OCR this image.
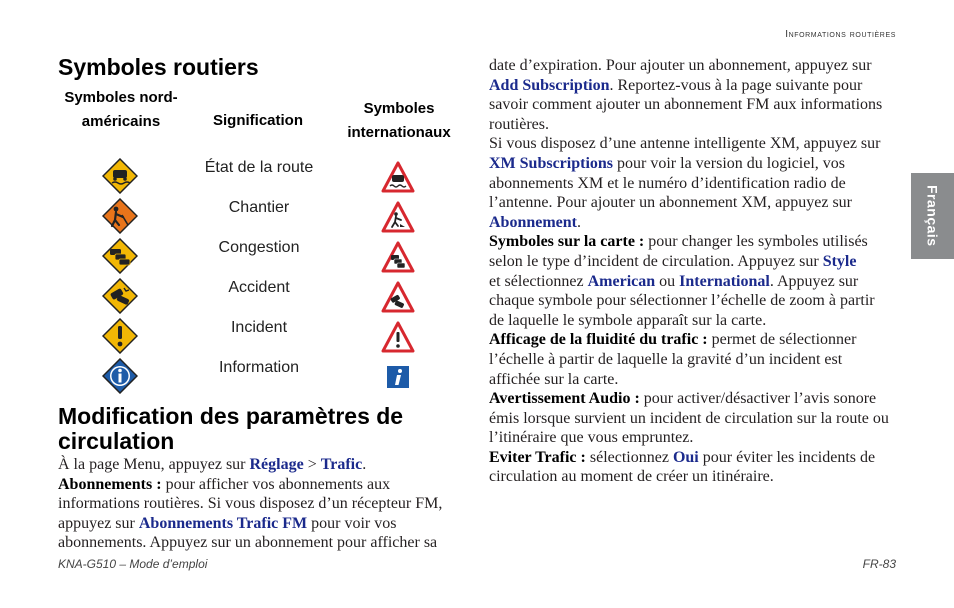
Informations routières
Français
Symboles routiers
Symboles nord-américains	Signification
Symboles internationaux
État de la route
Chantier
Congestion
Accident
Incident
Information
Modification des paramètres de circulation

À la page Menu, appuyez sur Réglage > Trafic.

Abonnements : pour afficher vos abonnements aux informations routières. Si vous disposez d’un récepteur FM, appuyez sur Abonnements Trafic FM pour voir vos abonnements. Appuyez sur un abonnement pour afficher sa

date d’expiration. Pour ajouter un abonnement, appuyez sur Add Subscription. Reportez-vous à la page suivante pour savoir comment ajouter un abonnement FM aux informations routières.

Si vous disposez d’une antenne intelligente XM, appuyez sur XM Subscriptions pour voir la version du logiciel, vos abonnements XM et le numéro d’identification radio de l’antenne. Pour ajouter un abonnement XM, appuyez sur Abonnement.

Symboles sur la carte : pour changer les symboles utilisés selon le type d’incident de circulation. Appuyez sur Style
et sélectionnez American ou International. Appuyez sur chaque symbole pour sélectionner l’échelle de zoom à partir de laquelle le symbole apparaît sur la carte.

Afficage de la fluidité du trafic : permet de sélectionner l’échelle à partir de laquelle la gravité d’un incident est affichée sur la carte.

Avertissement Audio : pour activer/désactiver l’avis sonore émis lorsque survient un incident de circulation sur la route ou l’itinéraire que vous empruntez.

Eviter Trafic : sélectionnez Oui pour éviter les incidents de circulation au moment de créer un itinéraire.

KNA-G510 – Mode d’emploi	FR-83
